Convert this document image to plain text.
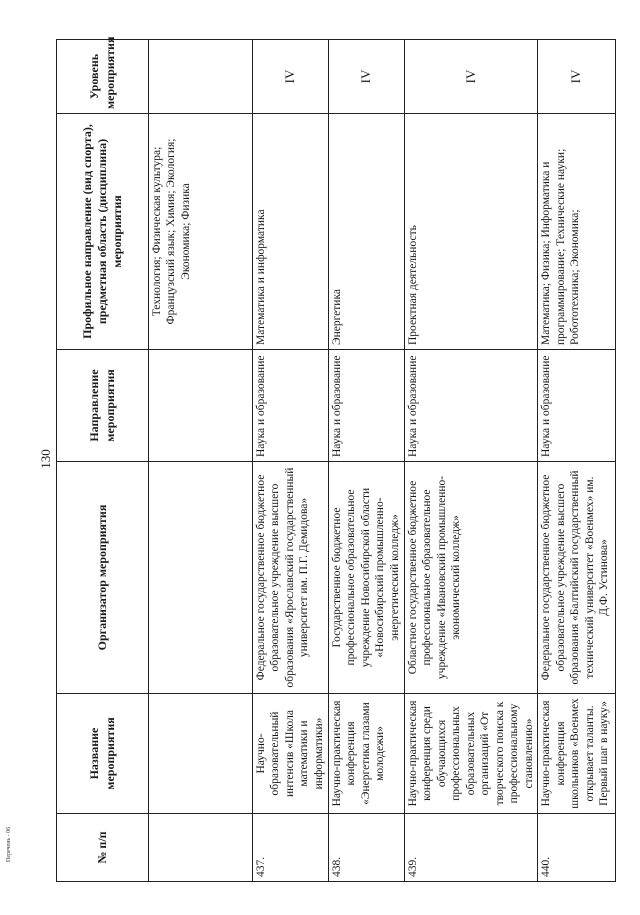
130
№ п/п	Название мероприятия	Организатор мероприятия	Направление мероприятия	Профильное направление (вид спорта), предметная область (дисциплина) мероприятия	Уровень мероприятия
				Технология; Физическая культура; Французский язык; Химия; Экология; Экономика; Физика	
437.	Научно-образовательный интенсив «Школа математики и информатики»	Федеральное государственное бюджетное образовательное учреждение высшего образования «Ярославский государственный университет им. П.Г. Демидова»	Наука и образование	Математика и информатика	IV
438.	Научно-практическая конференция «Энергетика глазами молодежи»	Государственное бюджетное профессиональное образовательное учреждение Новосибирской области «Новосибирский промышленно-энергетический колледж»	Наука и образование	Энергетика	IV
439.	Научно-практическая конференция среди обучающихся профессиональных образовательных организаций «От творческого поиска к профессиональному становлению»	Областное государственное бюджетное профессиональное образовательное учреждение «Ивановский промышленно-экономический колледж»	Наука и образование	Проектная деятельность	IV
440.	Научно-практическая конференция школьников «Военмех открывает таланты. Первый шаг в науку»	Федеральное государственное бюджетное образовательное учреждение высшего образования «Балтийский государственный технический университет «Военмех» им. Д.Ф. Устинова»	Наука и образование	Математика; Физика; Информатика и программирование; Технические науки; Робототехника; Экономика;	IV
Перечень - 06
